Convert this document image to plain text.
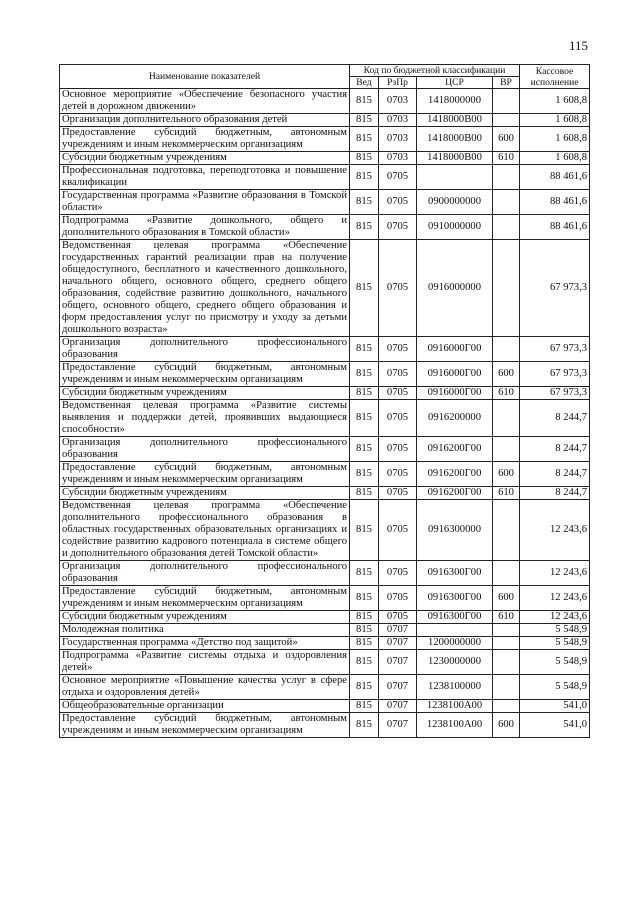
115
Наименование показателей	Код по бюджетной классификации				Кассовое исполнение
	Вед	РзПр	ЦСР	ВР	
Основное мероприятие «Обеспечение безопасного участия детей в дорожном движении»	815	0703	1418000000		1 608,8
Организация дополнительного образования детей	815	0703	1418000В00		1 608,8
Предоставление субсидий бюджетным, автономным учреждениям и иным некоммерческим организациям	815	0703	1418000В00	600	1 608,8
Субсидии бюджетным учреждениям	815	0703	1418000В00	610	1 608,8
Профессиональная подготовка, переподготовка и повышение квалификации	815	0705			88 461,6
Государственная программа «Развитие образования в Томской области»	815	0705	0900000000		88 461,6
Подпрограмма «Развитие дошкольного, общего и дополнительного образования в Томской области»	815	0705	0910000000		88 461,6
Ведомственная целевая программа «Обеспечение государственных гарантий реализации прав на получение общедоступного, бесплатного и качественного дошкольного, начального общего, основного общего, среднего общего образования, содействие развитию дошкольного, начального общего, основного общего, среднего общего образования и форм предоставления услуг по присмотру и уходу за детьми дошкольного возраста»	815	0705	0916000000		67 973,3
Организация дополнительного профессионального образования	815	0705	0916000Г00		67 973,3
Предоставление субсидий бюджетным, автономным учреждениям и иным некоммерческим организациям	815	0705	0916000Г00	600	67 973,3
Субсидии бюджетным учреждениям	815	0705	0916000Г00	610	67 973,3
Ведомственная целевая программа «Развитие системы выявления и поддержки детей, проявивших выдающиеся способности»	815	0705	0916200000		8 244,7
Организация дополнительного профессионального образования	815	0705	0916200Г00		8 244,7
Предоставление субсидий бюджетным, автономным учреждениям и иным некоммерческим организациям	815	0705	0916200Г00	600	8 244,7
Субсидии бюджетным учреждениям	815	0705	0916200Г00	610	8 244,7
Ведомственная целевая программа «Обеспечение дополнительного профессионального образования в областных государственных образовательных организациях и содействие развитию кадрового потенциала в системе общего и дополнительного образования детей Томской области»	815	0705	0916300000		12 243,6
Организация дополнительного профессионального образования	815	0705	0916300Г00		12 243,6
Предоставление субсидий бюджетным, автономным учреждениям и иным некоммерческим организациям	815	0705	0916300Г00	600	12 243,6
Субсидии бюджетным учреждениям	815	0705	0916300Г00	610	12 243,6
Молодежная политика	815	0707			5 548,9
Государственная программа «Детство под защитой»	815	0707	1200000000		5 548,9
Подпрограмма «Развитие системы отдыха и оздоровления детей»	815	0707	1230000000		5 548,9
Основное мероприятие «Повышение качества услуг в сфере отдыха и оздоровления детей»	815	0707	1238100000		5 548,9
Общеобразовательные организации	815	0707	1238100А00		541,0
Предоставление субсидий бюджетным, автономным учреждениям и иным некоммерческим организациям	815	0707	1238100А00	600	541,0
